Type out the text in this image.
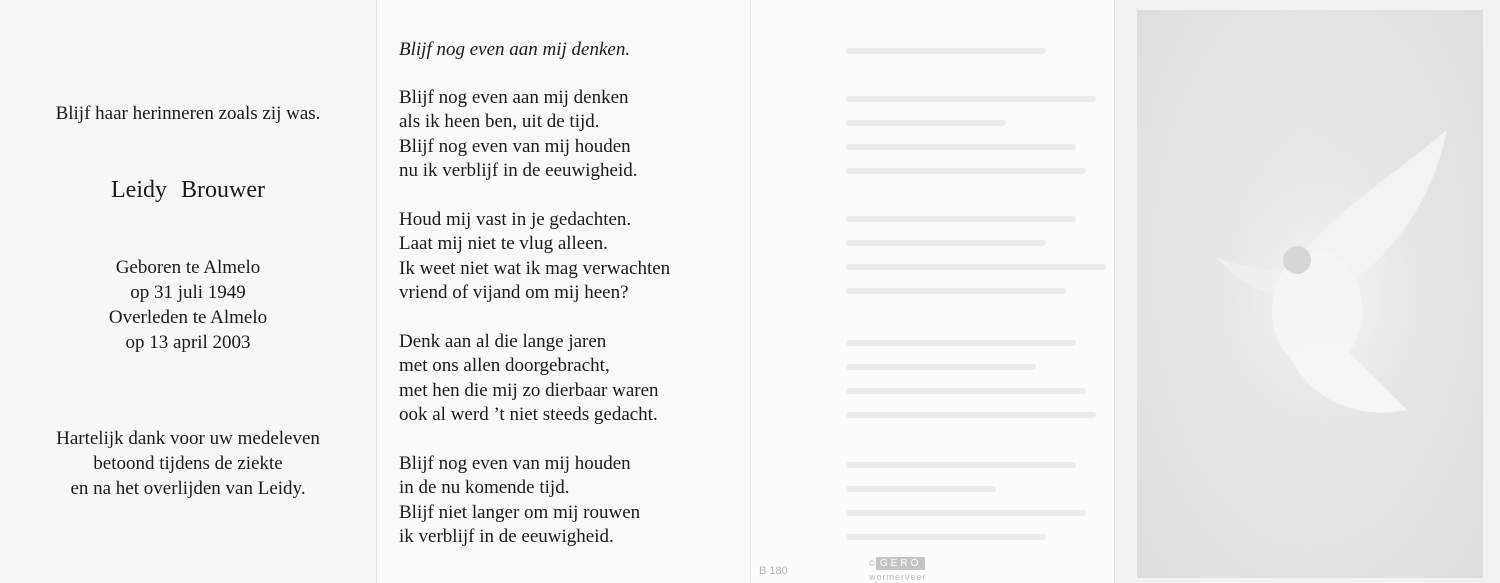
Blijf haar herinneren zoals zij was.

Leidy Brouwer

Geboren te Almelo
op 31 juli 1949
Overleden te Almelo
op 13 april 2003
Hartelijk dank voor uw medeleven
betoond tijdens de ziekte
en na het overlijden van Leidy.

Blijf nog even aan mij denken.

Blijf nog even aan mij denken
als ik heen ben, uit de tijd.
Blijf nog even van mij houden
nu ik verblijf in de eeuwigheid.
Houd mij vast in je gedachten.
Laat mij niet te vlug alleen.
Ik weet niet wat ik mag verwachten
vriend of vijand om mij heen?
Denk aan al die lange jaren
met ons allen doorgebracht,
met hen die mij zo dierbaar waren
ook al werd ’t niet steeds gedacht.
Blijf nog even van mij houden
in de nu komende tijd.
Blijf niet langer om mij rouwen
ik verblijf in de eeuwigheid.
B 180
© GERO
wormerveer
